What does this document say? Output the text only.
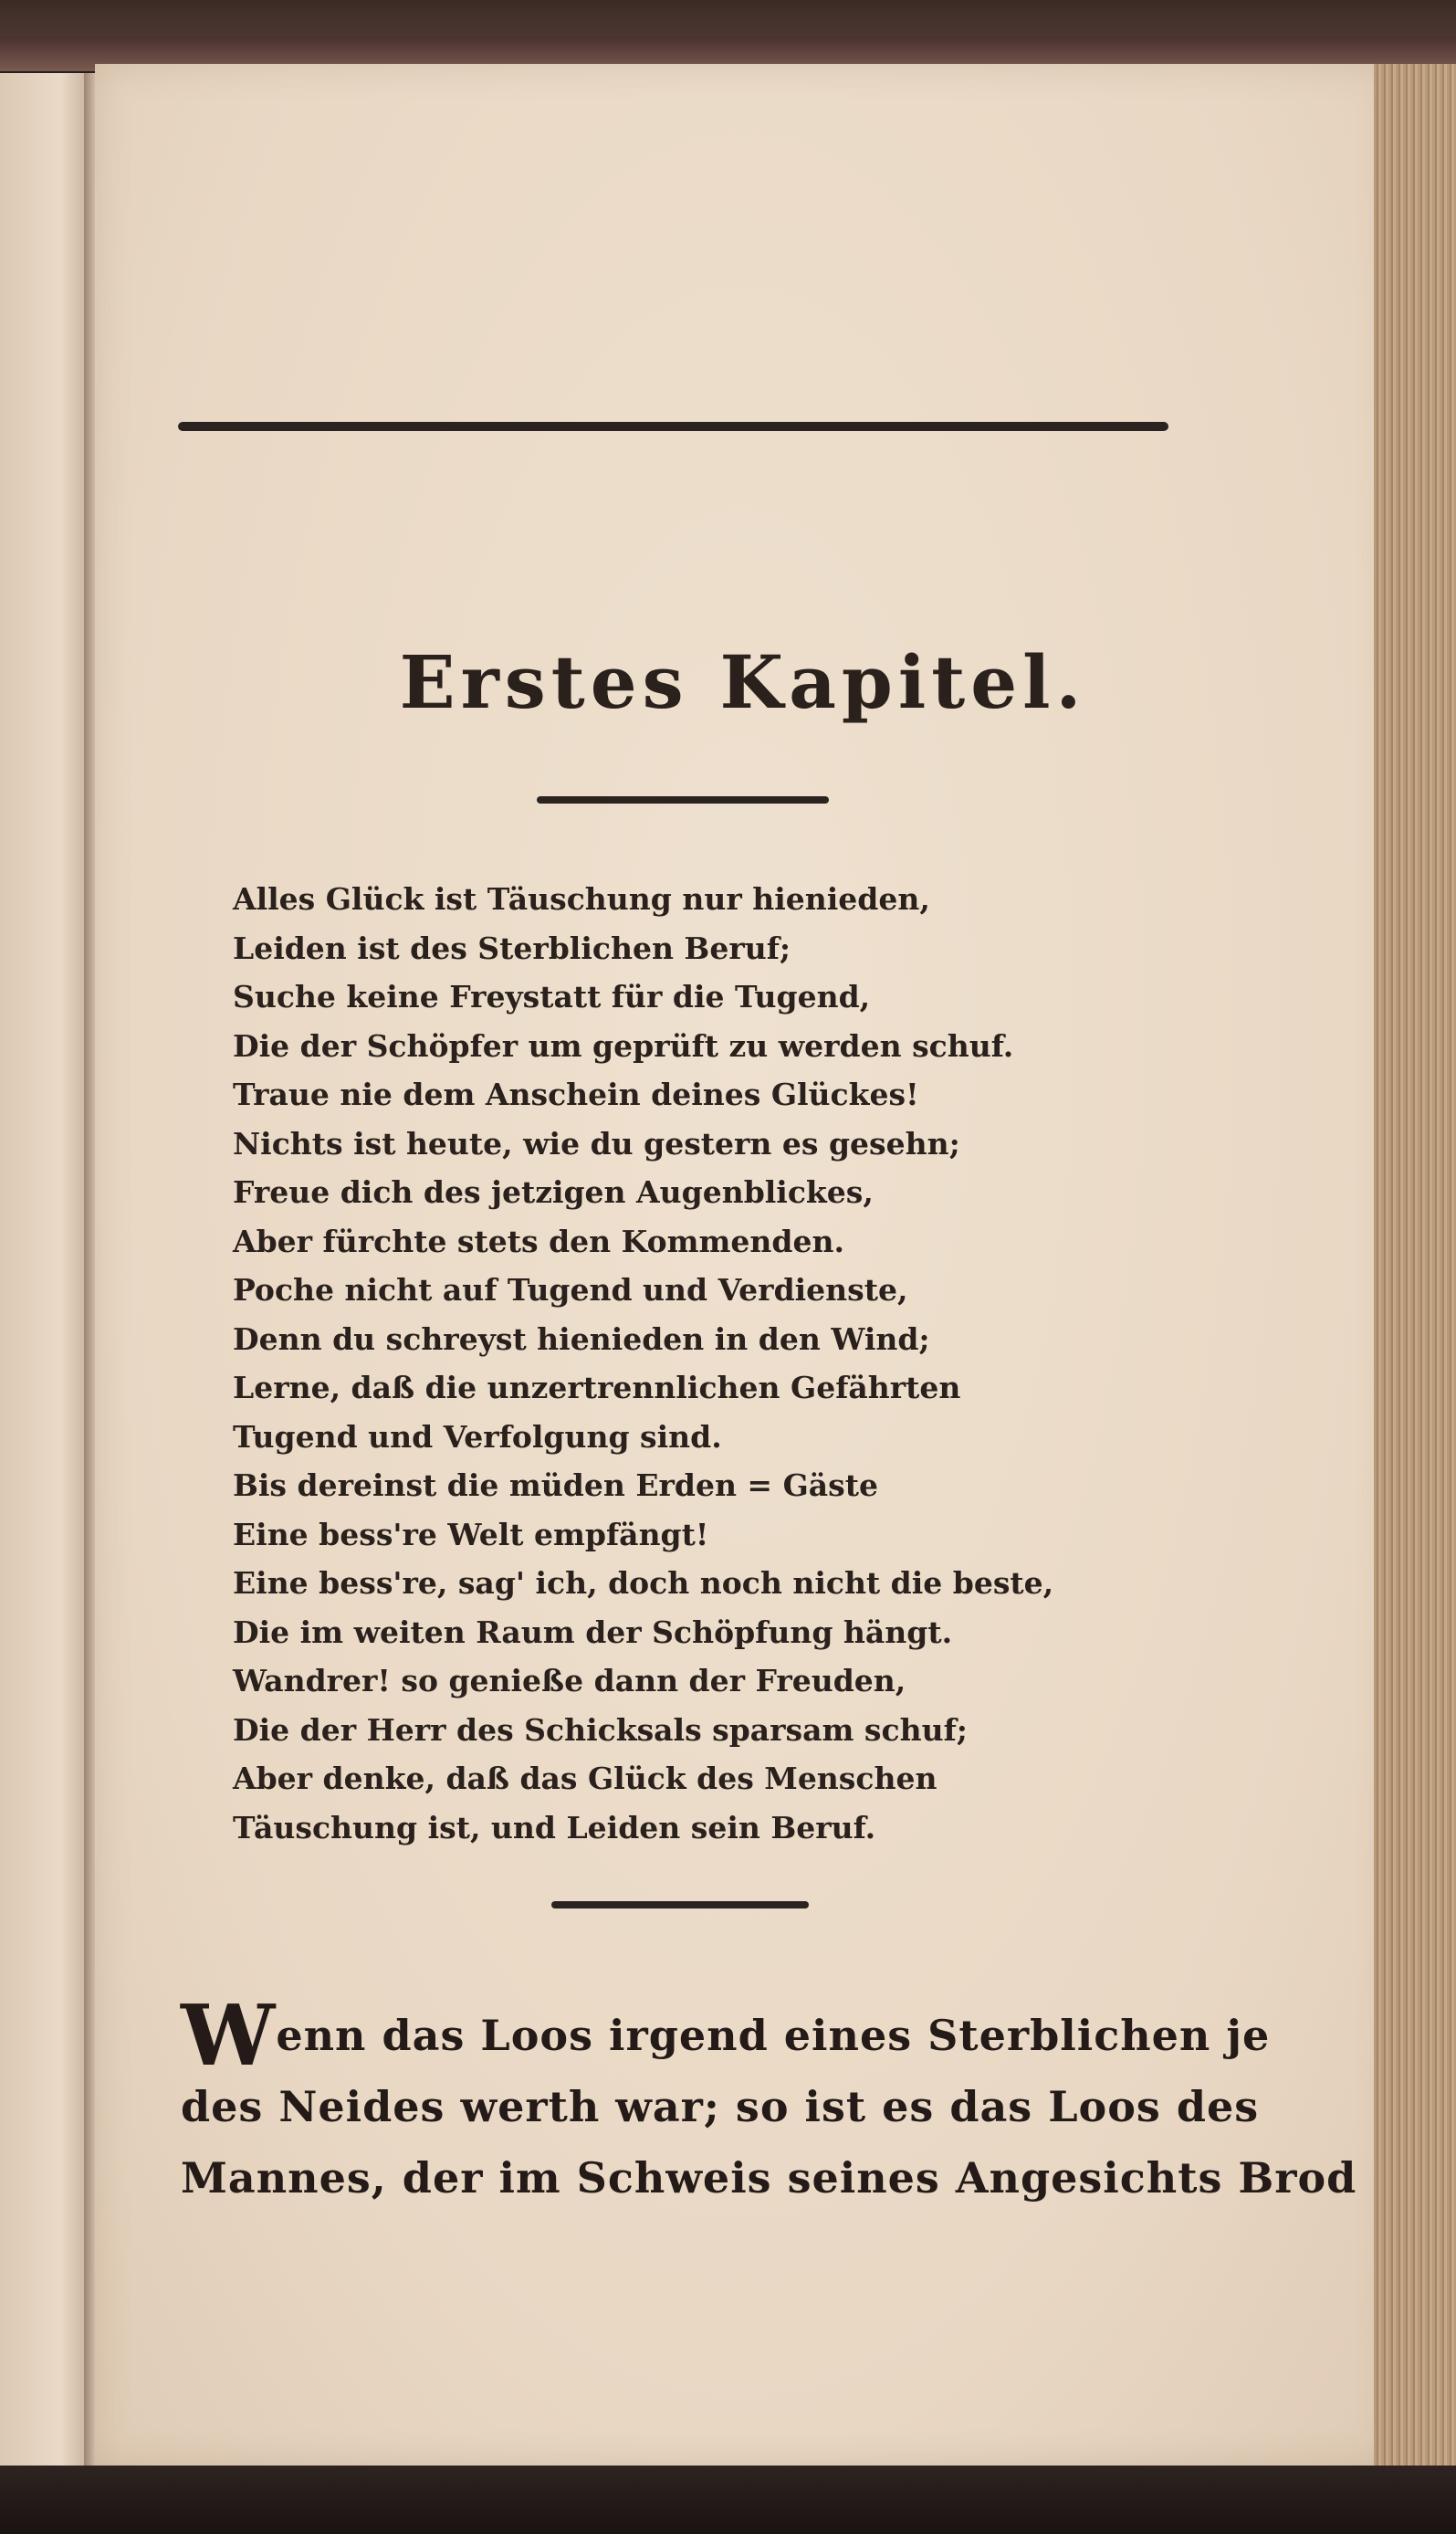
Erstes Kapitel.
Alles Glück ist Täuschung nur hienieden,
Leiden ist des Sterblichen Beruf;
Suche keine Freystatt für die Tugend,
Die der Schöpfer um geprüft zu werden schuf.
Traue nie dem Anschein deines Glückes!
Nichts ist heute, wie du gestern es gesehn;
Freue dich des jetzigen Augenblickes,
Aber fürchte stets den Kommenden.
Poche nicht auf Tugend und Verdienste,
Denn du schreyst hienieden in den Wind;
Lerne, daß die unzertrennlichen Gefährten
Tugend und Verfolgung sind.
Bis dereinst die müden Erden = Gäste
Eine bess're Welt empfängt!
Eine bess're, sag' ich, doch noch nicht die beste,
Die im weiten Raum der Schöpfung hängt.
Wandrer! so genieße dann der Freuden,
Die der Herr des Schicksals sparsam schuf;
Aber denke, daß das Glück des Menschen
Täuschung ist, und Leiden sein Beruf.
Wenn das Loos irgend eines Sterblichen je
des Neides werth war; so ist es das Loos des
Mannes, der im Schweis seines Angesichts Brod
